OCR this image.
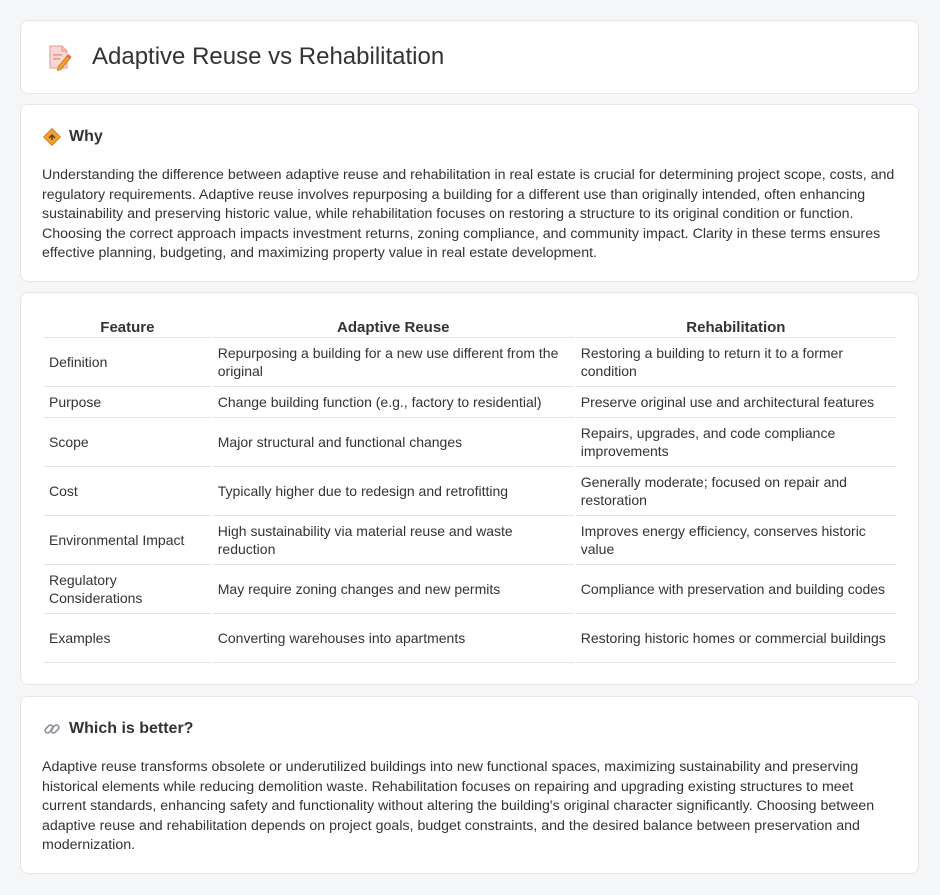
Adaptive Reuse vs Rehabilitation
Why

Understanding the difference between adaptive reuse and rehabilitation in real estate is crucial for determining project scope, costs, and regulatory requirements. Adaptive reuse involves repurposing a building for a different use than originally intended, often enhancing sustainability and preserving historic value, while rehabilitation focuses on restoring a structure to its original condition or function. Choosing the correct approach impacts investment returns, zoning compliance, and community impact. Clarity in these terms ensures effective planning, budgeting, and maximizing property value in real estate development.

Feature	Adaptive Reuse	Rehabilitation
Definition	Repurposing a building for a new use different from the original	Restoring a building to return it to a former condition
Purpose	Change building function (e.g., factory to residential)	Preserve original use and architectural features
Scope	Major structural and functional changes	Repairs, upgrades, and code compliance improvements
Cost	Typically higher due to redesign and retrofitting	Generally moderate; focused on repair and restoration
Environmental Impact	High sustainability via material reuse and waste reduction	Improves energy efficiency, conserves historic value
Regulatory Considerations	May require zoning changes and new permits	Compliance with preservation and building codes
Examples	Converting warehouses into apartments	Restoring historic homes or commercial buildings
Which is better?

Adaptive reuse transforms obsolete or underutilized buildings into new functional spaces, maximizing sustainability and preserving historical elements while reducing demolition waste. Rehabilitation focuses on repairing and upgrading existing structures to meet current standards, enhancing safety and functionality without altering the building's original character significantly. Choosing between adaptive reuse and rehabilitation depends on project goals, budget constraints, and the desired balance between preservation and modernization.
